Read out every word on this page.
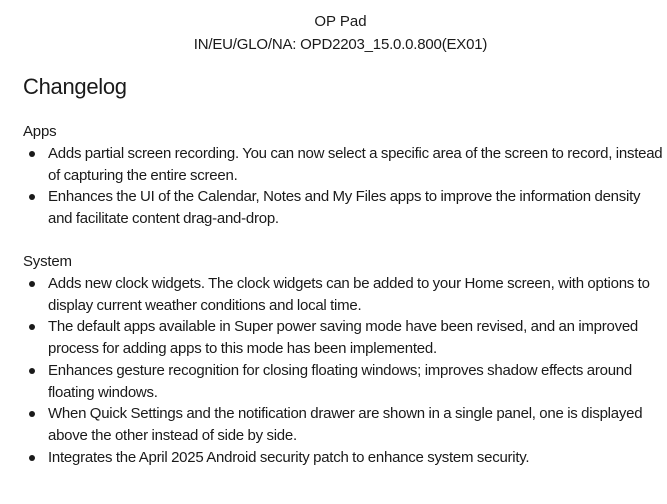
OP Pad
IN/EU/GLO/NA: OPD2203_15.0.0.800(EX01)
Changelog
Apps
Adds partial screen recording. You can now select a specific area of the screen to record, instead of capturing the entire screen.
Enhances the UI of the Calendar, Notes and My Files apps to improve the information density and facilitate content drag-and-drop.
System
Adds new clock widgets. The clock widgets can be added to your Home screen, with options to display current weather conditions and local time.
The default apps available in Super power saving mode have been revised, and an improved process for adding apps to this mode has been implemented.
Enhances gesture recognition for closing floating windows; improves shadow effects around floating windows.
When Quick Settings and the notification drawer are shown in a single panel, one is displayed above the other instead of side by side.
Integrates the April 2025 Android security patch to enhance system security.
